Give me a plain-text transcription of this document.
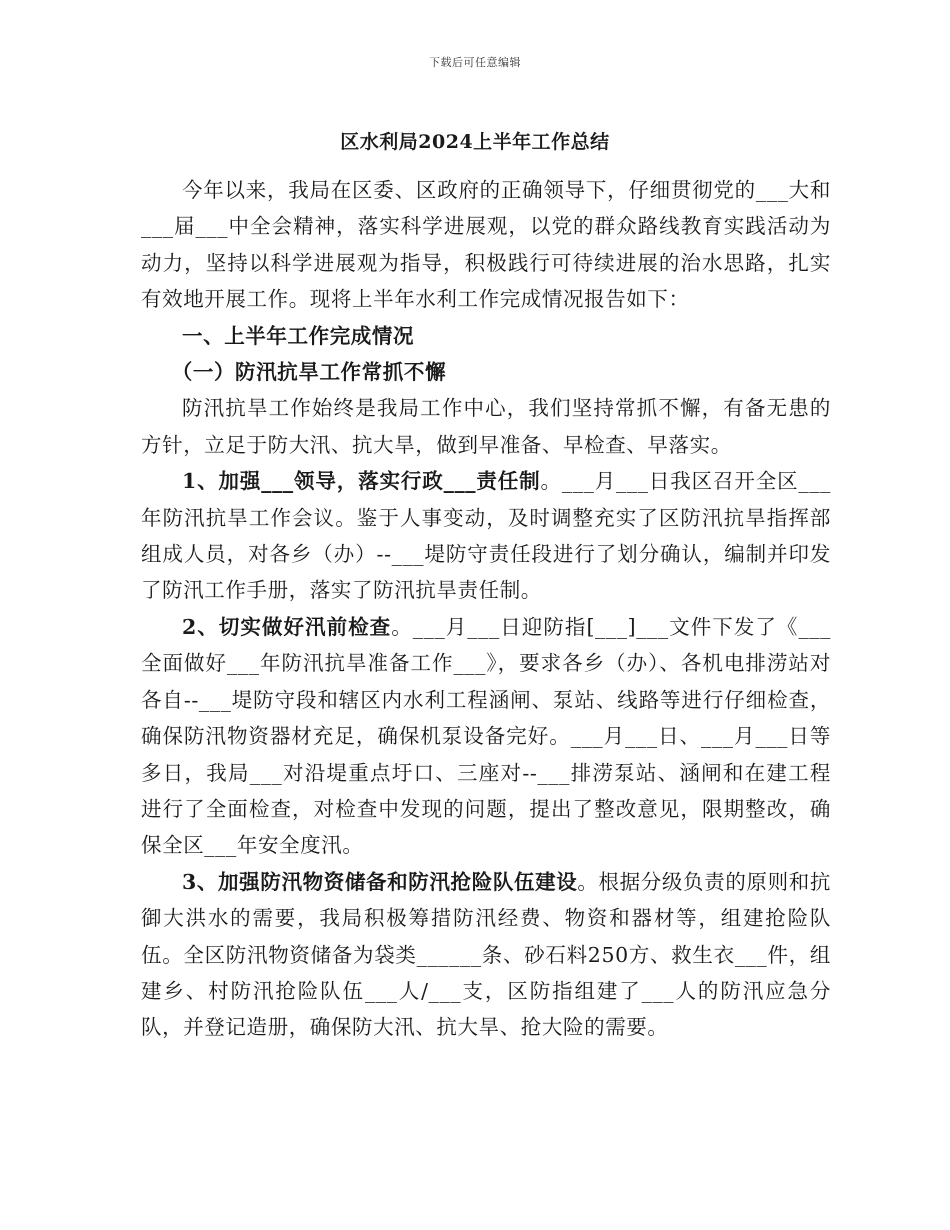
下载后可任意编辑
区水利局2024上半年工作总结

今年以来，我局在区委、区政府的正确领导下，仔细贯彻党的___大和___届___中全会精神，落实科学进展观，以党的群众路线教育实践活动为动力，坚持以科学进展观为指导，积极践行可待续进展的治水思路，扎实有效地开展工作。现将上半年水利工作完成情况报告如下：

一、上半年工作完成情况

（一）防汛抗旱工作常抓不懈

防汛抗旱工作始终是我局工作中心，我们坚持常抓不懈，有备无患的方针，立足于防大汛、抗大旱，做到早准备、早检查、早落实。

1、加强___领导，落实行政___责任制。___月___日我区召开全区___年防汛抗旱工作会议。鉴于人事变动，及时调整充实了区防汛抗旱指挥部组成人员，对各乡（办）--___堤防守责任段进行了划分确认，编制并印发了防汛工作手册，落实了防汛抗旱责任制。

2、切实做好汛前检查。___月___日迎防指[___]___文件下发了《___全面做好___年防汛抗旱准备工作___》，要求各乡（办）、各机电排涝站对各自--___堤防守段和辖区内水利工程涵闸、泵站、线路等进行仔细检查，确保防汛物资器材充足，确保机泵设备完好。___月___日、___月___日等多日，我局___对沿堤重点圩口、三座对--___排涝泵站、涵闸和在建工程进行了全面检查，对检查中发现的问题，提出了整改意见，限期整改，确保全区___年安全度汛。

3、加强防汛物资储备和防汛抢险队伍建设。根据分级负责的原则和抗御大洪水的需要，我局积极筹措防汛经费、物资和器材等，组建抢险队伍。全区防汛物资储备为袋类______条、砂石料250方、救生衣___件，组建乡、村防汛抢险队伍___人/___支，区防指组建了___人的防汛应急分队，并登记造册，确保防大汛、抗大旱、抢大险的需要。
